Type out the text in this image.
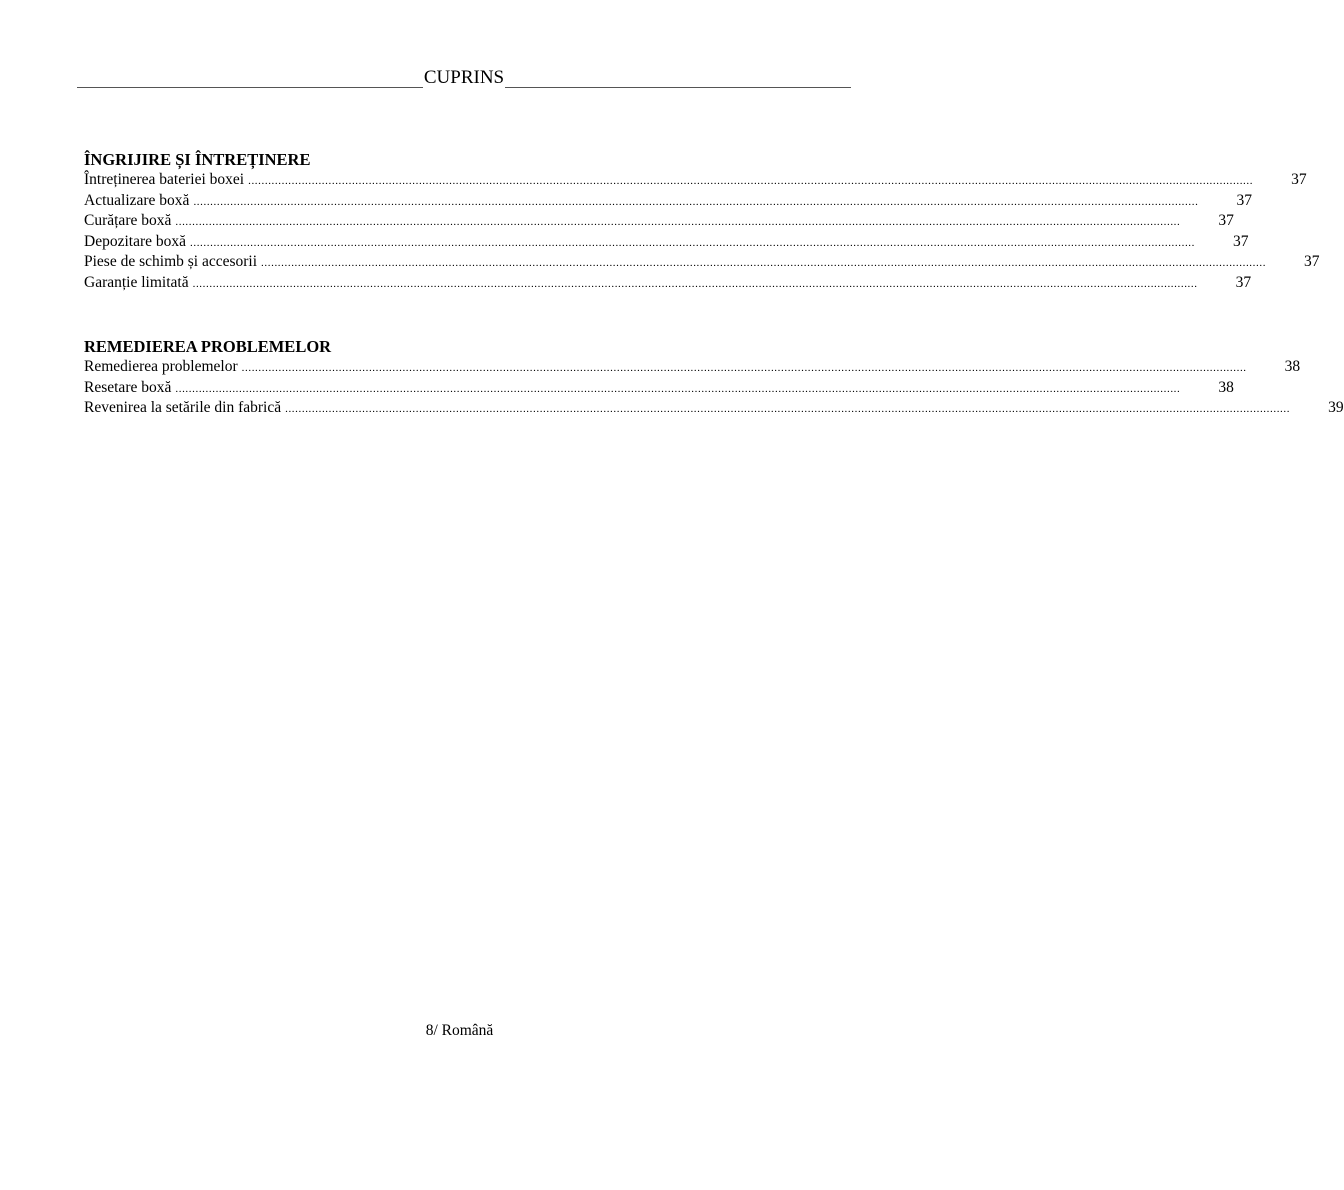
CUPRINS
ÎNGRIJIRE ȘI ÎNTREȚINERE
Întreținerea bateriei boxei ............................................................................................................................................................................................................................................................................................................ 37
Actualizare boxă ............................................................................................................................................................................................................................................................................................................ 37
Curățare boxă ............................................................................................................................................................................................................................................................................................................ 37
Depozitare boxă ............................................................................................................................................................................................................................................................................................................ 37
Piese de schimb și accesorii ............................................................................................................................................................................................................................................................................................................ 37
Garanție limitată ............................................................................................................................................................................................................................................................................................................ 37
REMEDIEREA PROBLEMELOR
Remedierea problemelor ............................................................................................................................................................................................................................................................................................................ 38
Resetare boxă ............................................................................................................................................................................................................................................................................................................ 38
Revenirea la setările din fabrică ............................................................................................................................................................................................................................................................................................................ 39
8/ Română
